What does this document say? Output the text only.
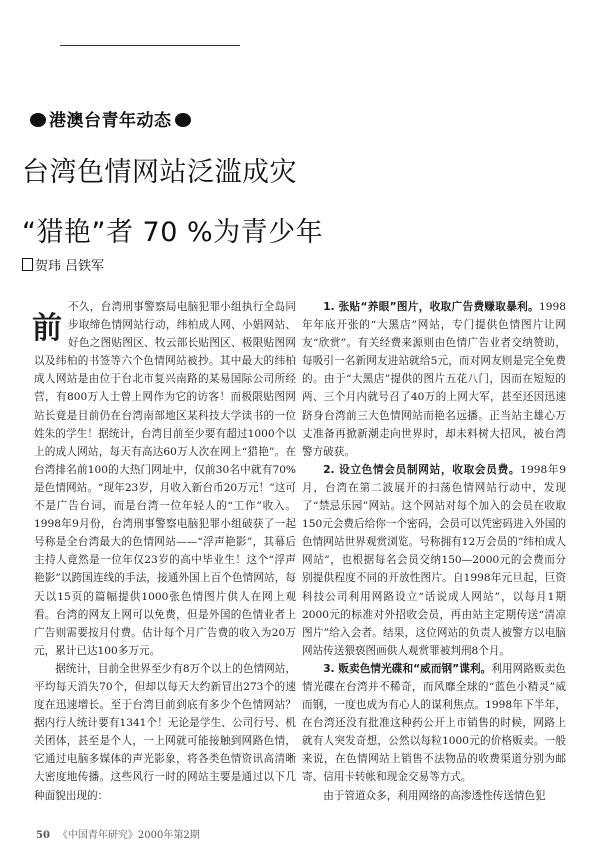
港澳台青年动态
台湾色情网站泛滥成灾
“猎艳”者 70 %为青少年
贺玮 吕铁军
前

不久，台湾刑事警察局电脑犯罪小组执行全岛同步取缔色情网站行动，纬柏成人网、小娟网站、好色之图贴图区、牧云部长贴图区、极限贴图网以及纬柏的书签等六个色情网站被抄。其中最大的纬柏成人网站是由位于台北市复兴南路的某易国际公司所经营，有800万人士曾上网作为它的访客！而极限贴图网站长竟是目前仍在台湾南部地区某科技大学读书的一位姓朱的学生！据统计，台湾目前至少要有超过1000个以上的成人网站，每天有高达60万人次在网上“猎艳”。在台湾排名前100的大热门网址中，仅前30名中就有70%是色情网站。“现年23岁，月收入新台币20万元！”这可不是广告台词，而是台湾一位年轻人的“工作”收入。1998年9月份，台湾刑事警察电脑犯罪小组破获了一起号称是全台湾最大的色情网站——“浮声艳影”，其幕后主持人竟然是一位年仅23岁的高中毕业生！这个“浮声艳影”以跨国连线的手法，接通外国上百个色情网站，每天以15页的篇幅提供1000张色情图片供人在网上观看。台湾的网友上网可以免费，但是外国的色情业者上广告则需要按月付费。估计每个月广告费的收入为20万元，累计已达100多万元。

据统计，目前全世界至少有8万个以上的色情网站，平均每天消失70个，但却以每天大约新冒出273个的速度在迅速增长。至于台湾目前到底有多少个色情网站？据内行人统计要有1341个！无论是学生、公司行号、机关团体，甚至是个人，一上网就可能接触到网路色情，它通过电脑多媒体的声光影象，将各类色情资讯高清晰大密度地传播。这些风行一时的网站主要是通过以下几种面貌出现的：

1. 张贴“养眼”图片，收取广告费赚取暴利。1998年年底开张的“大黑店”网站，专门提供色情图片让网友“欣赏”。有关经费来源则由色情广告业者交纳赞助，每吸引一名新网友进站就给5元，而对网友则是完全免费的。由于“大黑店”提供的图片五花八门，因而在短短的两、三个月内就号召了40万的上网大军，甚至还因迅速跻身台湾前三大色情网站而艳名远播。正当站主雄心万丈准备再掀新潮走向世界时，却未料树大招风，被台湾警方破获。

2. 设立色情会员制网站，收取会员费。1998年9月，台湾在第二波展开的扫荡色情网站行动中，发现了“禁忌乐园”网站。这个网站对每个加入的会员在收取150元会费后给你一个密码，会员可以凭密码进入外国的色情网站世界观赏浏览。号称拥有12万会员的“纬柏成人网站”，也根据每名会员交纳150—2000元的会费而分别提供程度不同的开放性图片。自1998年元旦起，巨资科技公司利用网路设立“话说成人网站”，以每月1期2000元的标准对外招收会员，再由站主定期传送“清凉图片”给入会者。结果，这位网站的负责人被警方以电脑网站传送猥亵图画供人观赏罪被判刑8个月。

3. 贩卖色情光碟和“威而钢”谍利。利用网路贩卖色情光碟在台湾并不稀奇，而风靡全球的“蓝色小精灵”威而钢，一度也成为有心人的谋利焦点。1998年下半年，在台湾还没有批准这种药公开上市销售的时候，网路上就有人突发奇想，公然以每粒1000元的价格贩卖。一般来说，在色情网站上销售不法物品的收费渠道分别为邮寄、信用卡转帐和现金交易等方式。

由于管道众多，利用网络的高渗透性传送情色犯

50 《中国青年研究》2000年第2期
